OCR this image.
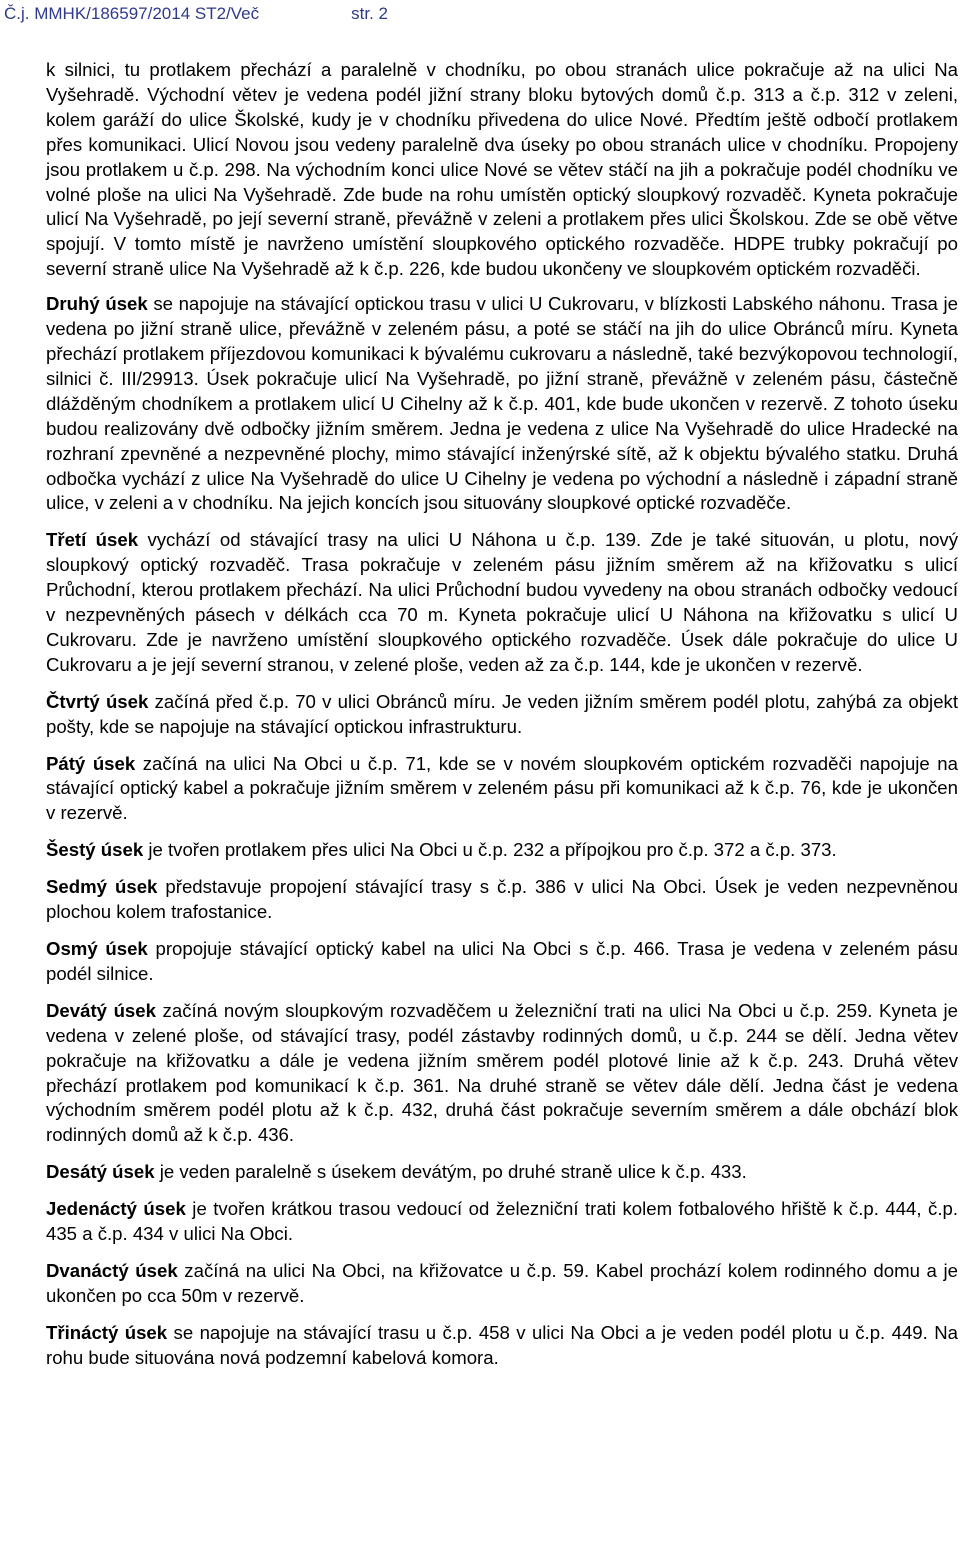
Č.j. MMHK/186597/2014 ST2/Več	str. 2

k silnici, tu protlakem přechází a paralelně v chodníku, po obou stranách ulice pokračuje až na ulici Na Vyšehradě. Východní větev je vedena podél jižní strany bloku bytových domů č.p. 313 a č.p. 312 v zeleni, kolem garáží do ulice Školské, kudy je v chodníku přivedena do ulice Nové. Předtím ještě odbočí protlakem přes komunikaci. Ulicí Novou jsou vedeny paralelně dva úseky po obou stranách ulice v chodníku. Propojeny jsou protlakem u č.p. 298. Na východním konci ulice Nové se větev stáčí na jih a pokračuje podél chodníku ve volné ploše na ulici Na Vyšehradě. Zde bude na rohu umístěn optický sloupkový rozvaděč. Kyneta pokračuje ulicí Na Vyšehradě, po její severní straně, převážně v zeleni a protlakem přes ulici Školskou. Zde se obě větve spojují. V tomto místě je navrženo umístění sloupkového optického rozvaděče. HDPE trubky pokračují po severní straně ulice Na Vyšehradě až k č.p. 226, kde budou ukončeny ve sloupkovém optickém rozvaděči.

Druhý úsek se napojuje na stávající optickou trasu v ulici U Cukrovaru, v blízkosti Labského náhonu. Trasa je vedena po jižní straně ulice, převážně v zeleném pásu, a poté se stáčí na jih do ulice Obránců míru. Kyneta přechází protlakem příjezdovou komunikaci k bývalému cukrovaru a následně, také bezvýkopovou technologií, silnici č. III/29913. Úsek pokračuje ulicí Na Vyšehradě, po jižní straně, převážně v zeleném pásu, částečně dlážděným chodníkem a protlakem ulicí U Cihelny až k č.p. 401, kde bude ukončen v rezervě. Z tohoto úseku budou realizovány dvě odbočky jižním směrem. Jedna je vedena z ulice Na Vyšehradě do ulice Hradecké na rozhraní zpevněné a nezpevněné plochy, mimo stávající inženýrské sítě, až k objektu bývalého statku. Druhá odbočka vychází z ulice Na Vyšehradě do ulice U Cihelny je vedena po východní a následně i západní straně ulice, v zeleni a v chodníku. Na jejich koncích jsou situovány sloupkové optické rozvaděče.

Třetí úsek vychází od stávající trasy na ulici U Náhona u č.p. 139. Zde je také situován, u plotu, nový sloupkový optický rozvaděč. Trasa pokračuje v zeleném pásu jižním směrem až na křižovatku s ulicí Průchodní, kterou protlakem přechází. Na ulici Průchodní budou vyvedeny na obou stranách odbočky vedoucí v nezpevněných pásech v délkách cca 70 m. Kyneta pokračuje ulicí U Náhona na křižovatku s ulicí U Cukrovaru. Zde je navrženo umístění sloupkového optického rozvaděče. Úsek dále pokračuje do ulice U Cukrovaru a je její severní stranou, v zelené ploše, veden až za č.p. 144, kde je ukončen v rezervě.

Čtvrtý úsek začíná před č.p. 70 v ulici Obránců míru. Je veden jižním směrem podél plotu, zahýbá za objekt pošty, kde se napojuje na stávající optickou infrastrukturu.

Pátý úsek začíná na ulici Na Obci u č.p. 71, kde se v novém sloupkovém optickém rozvaděči napojuje na stávající optický kabel a pokračuje jižním směrem v zeleném pásu při komunikaci až k č.p. 76, kde je ukončen v rezervě.

Šestý úsek je tvořen protlakem přes ulici Na Obci u č.p. 232 a přípojkou pro č.p. 372 a č.p. 373.

Sedmý úsek představuje propojení stávající trasy s č.p. 386 v ulici Na Obci. Úsek je veden nezpevněnou plochou kolem trafostanice.

Osmý úsek propojuje stávající optický kabel na ulici Na Obci s č.p. 466. Trasa je vedena v zeleném pásu podél silnice.

Devátý úsek začíná novým sloupkovým rozvaděčem u železniční trati na ulici Na Obci u č.p. 259. Kyneta je vedena v zelené ploše, od stávající trasy, podél zástavby rodinných domů, u č.p. 244 se dělí. Jedna větev pokračuje na křižovatku a dále je vedena jižním směrem podél plotové linie až k č.p. 243. Druhá větev přechází protlakem pod komunikací k č.p. 361. Na druhé straně se větev dále dělí. Jedna část je vedena východním směrem podél plotu až k č.p. 432, druhá část pokračuje severním směrem a dále obchází blok rodinných domů až k č.p. 436.

Desátý úsek je veden paralelně s úsekem devátým, po druhé straně ulice k č.p. 433.

Jedenáctý úsek je tvořen krátkou trasou vedoucí od železniční trati kolem fotbalového hřiště k č.p. 444, č.p. 435 a č.p. 434 v ulici Na Obci.

Dvanáctý úsek začíná na ulici Na Obci, na křižovatce u č.p. 59. Kabel prochází kolem rodinného domu a je ukončen po cca 50m v rezervě.

Třináctý úsek se napojuje na stávající trasu u č.p. 458 v ulici Na Obci a je veden podél plotu u č.p. 449. Na rohu bude situována nová podzemní kabelová komora.
